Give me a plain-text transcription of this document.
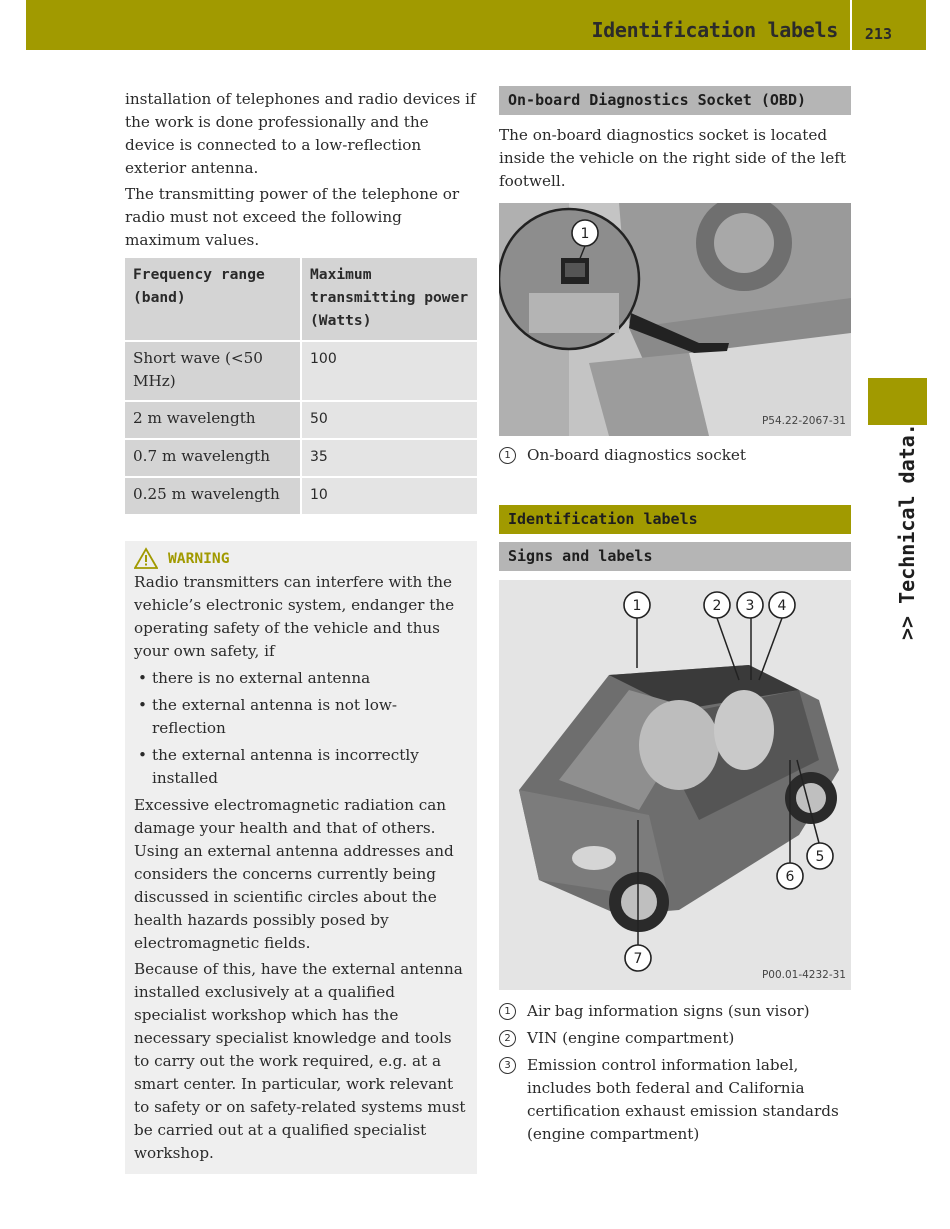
Identification labels 213
>> Technical data.

installation of telephones and radio devices if the work is done professionally and the device is connected to a low-reflection exterior antenna.

The transmitting power of the telephone or radio must not exceed the following maximum values.

Frequency range (band)	Maximum transmitting power (Watts)
Short wave (<50 MHz)	100
2 m wavelength	50
0.7 m wavelength	35
0.25 m wavelength	10
WARNING

Radio transmitters can interfere with the vehicle’s electronic system, endanger the operating safety of the vehicle and thus your own safety, if

• there is no external antenna
• the external antenna is not low-reflection
• the external antenna is incorrectly installed

Excessive electromagnetic radiation can damage your health and that of others. Using an external antenna addresses and considers the concerns currently being discussed in scientific circles about the health hazards possibly posed by electromagnetic fields.

Because of this, have the external antenna installed exclusively at a qualified specialist workshop which has the necessary specialist knowledge and tools to carry out the work required, e.g. at a smart center. In particular, work relevant to safety or on safety-related systems must be carried out at a qualified specialist workshop.

On-board Diagnostics Socket (OBD)

The on-board diagnostics socket is located inside the vehicle on the right side of the left footwell.

1
P54.22-2067-31
1	On-board diagnostics socket
Identification labels
Signs and labels
1	2 3 4
5
6
7
P00.01-4232-31
1	Air bag information signs (sun visor)
2	VIN (engine compartment)
3	Emission control information label, includes both federal and California certification exhaust emission standards (engine compartment)
